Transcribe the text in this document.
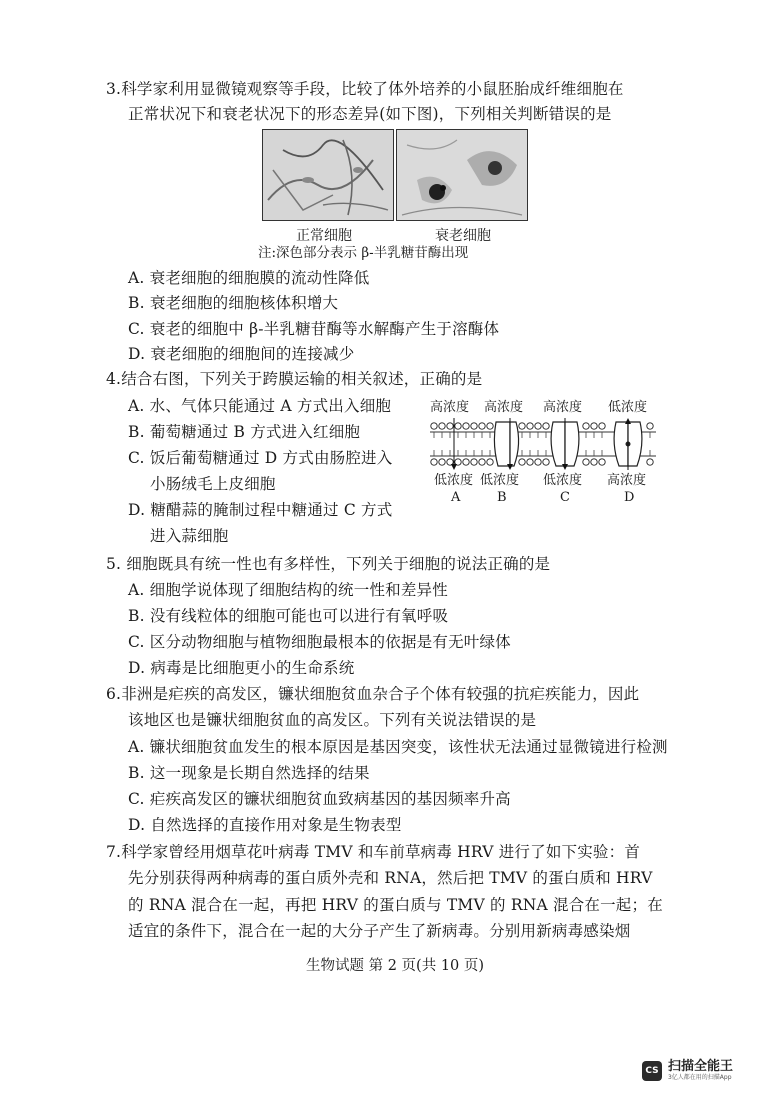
3.科学家利用显微镜观察等手段，比较了体外培养的小鼠胚胎成纤维细胞在
正常状况下和衰老状况下的形态差异(如下图)，下列相关判断错误的是
正常细胞	衰老细胞
注:深色部分表示 β-半乳糖苷酶出现
A. 衰老细胞的细胞膜的流动性降低
B. 衰老细胞的细胞核体积增大
C. 衰老的细胞中 β-半乳糖苷酶等水解酶产生于溶酶体
D. 衰老细胞的细胞间的连接减少
4.结合右图，下列关于跨膜运输的相关叙述，正确的是
A. 水、气体只能通过 A 方式出入细胞
B. 葡萄糖通过 B 方式进入红细胞
C. 饭后葡萄糖通过 D 方式由肠腔进入
小肠绒毛上皮细胞
D. 糖醋蒜的腌制过程中糖通过 C 方式
进入蒜细胞
高浓度 高浓度 高浓度 低浓度
低浓度 低浓度 低浓度 高浓度
A	B	C	D
5. 细胞既具有统一性也有多样性，下列关于细胞的说法正确的是
A. 细胞学说体现了细胞结构的统一性和差异性
B. 没有线粒体的细胞可能也可以进行有氧呼吸
C. 区分动物细胞与植物细胞最根本的依据是有无叶绿体
D. 病毒是比细胞更小的生命系统
6.非洲是疟疾的高发区，镰状细胞贫血杂合子个体有较强的抗疟疾能力，因此
该地区也是镰状细胞贫血的高发区。下列有关说法错误的是
A. 镰状细胞贫血发生的根本原因是基因突变，该性状无法通过显微镜进行检测
B. 这一现象是长期自然选择的结果
C. 疟疾高发区的镰状细胞贫血致病基因的基因频率升高
D. 自然选择的直接作用对象是生物表型
7.科学家曾经用烟草花叶病毒 TMV 和车前草病毒 HRV 进行了如下实验：首
先分别获得两种病毒的蛋白质外壳和 RNA，然后把 TMV 的蛋白质和 HRV
的 RNA 混合在一起，再把 HRV 的蛋白质与 TMV 的 RNA 混合在一起；在
适宜的条件下，混合在一起的大分子产生了新病毒。分别用新病毒感染烟
生物试题 第 2 页(共 10 页)
CS 扫描全能王
3亿人都在用的扫描App
